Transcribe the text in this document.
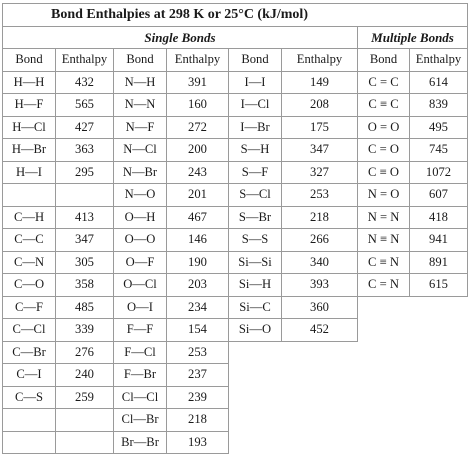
Bond Enthalpies at 298 K or 25°C (kJ/mol)							
Single Bonds						Multiple Bonds	
Bond	Enthalpy	Bond	Enthalpy	Bond	Enthalpy	Bond	Enthalpy
H—H	432	N—H	391	I—I	149	C = C	614
H—F	565	N—N	160	I—Cl	208	C ≡ C	839
H—Cl	427	N—F	272	I—Br	175	O = O	495
H—Br	363	N—Cl	200	S—H	347	C = O	745
H—I	295	N—Br	243	S—F	327	C ≡ O	1072
		N—O	201	S—Cl	253	N = O	607
C—H	413	O—H	467	S—Br	218	N = N	418
C—C	347	O—O	146	S—S	266	N ≡ N	941
C—N	305	O—F	190	Si—Si	340	C ≡ N	891
C—O	358	O—Cl	203	Si—H	393	C = N	615
C—F	485	O—I	234	Si—C	360		
C—Cl	339	F—F	154	Si—O	452		
C—Br	276	F—Cl	253				
C—I	240	F—Br	237				
C—S	259	Cl—Cl	239				
		Cl—Br	218				
		Br—Br	193				
